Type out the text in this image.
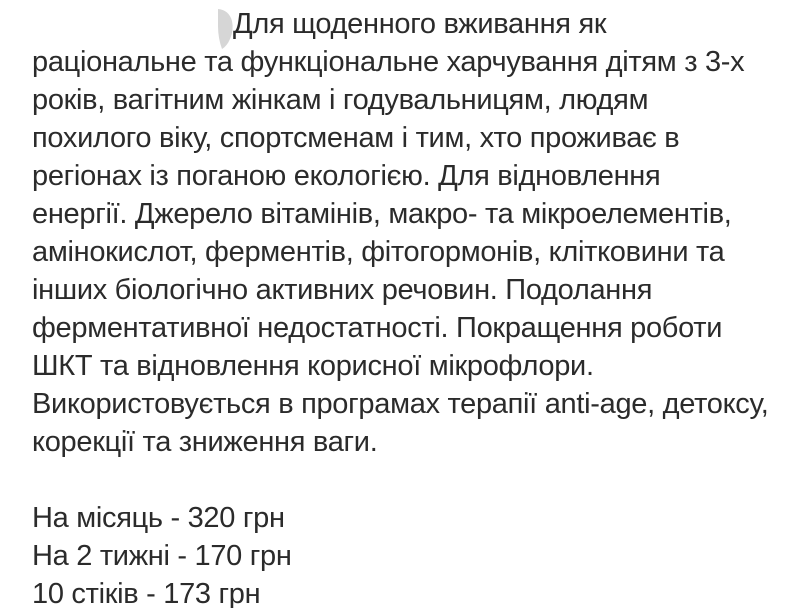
Для щоденного вживання як
раціональне та функціональне харчування дітям з 3-х
років, вагітним жінкам і годувальницям, людям
похилого віку, спортсменам і тим, хто проживає в
регіонах із поганою екологією. Для відновлення
енергії. Джерело вітамінів, макро- та мікроелементів,
амінокислот, ферментів, фітогормонів, клітковини та
інших біологічно активних речовин. Подолання
ферментативної недостатності. Покращення роботи
ШКТ та відновлення корисної мікрофлори.
Використовується в програмах терапії anti-age, детоксу,
корекції та зниження ваги.
На місяць - 320 грн
На 2 тижні - 170 грн
10 стіків - 173 грн
